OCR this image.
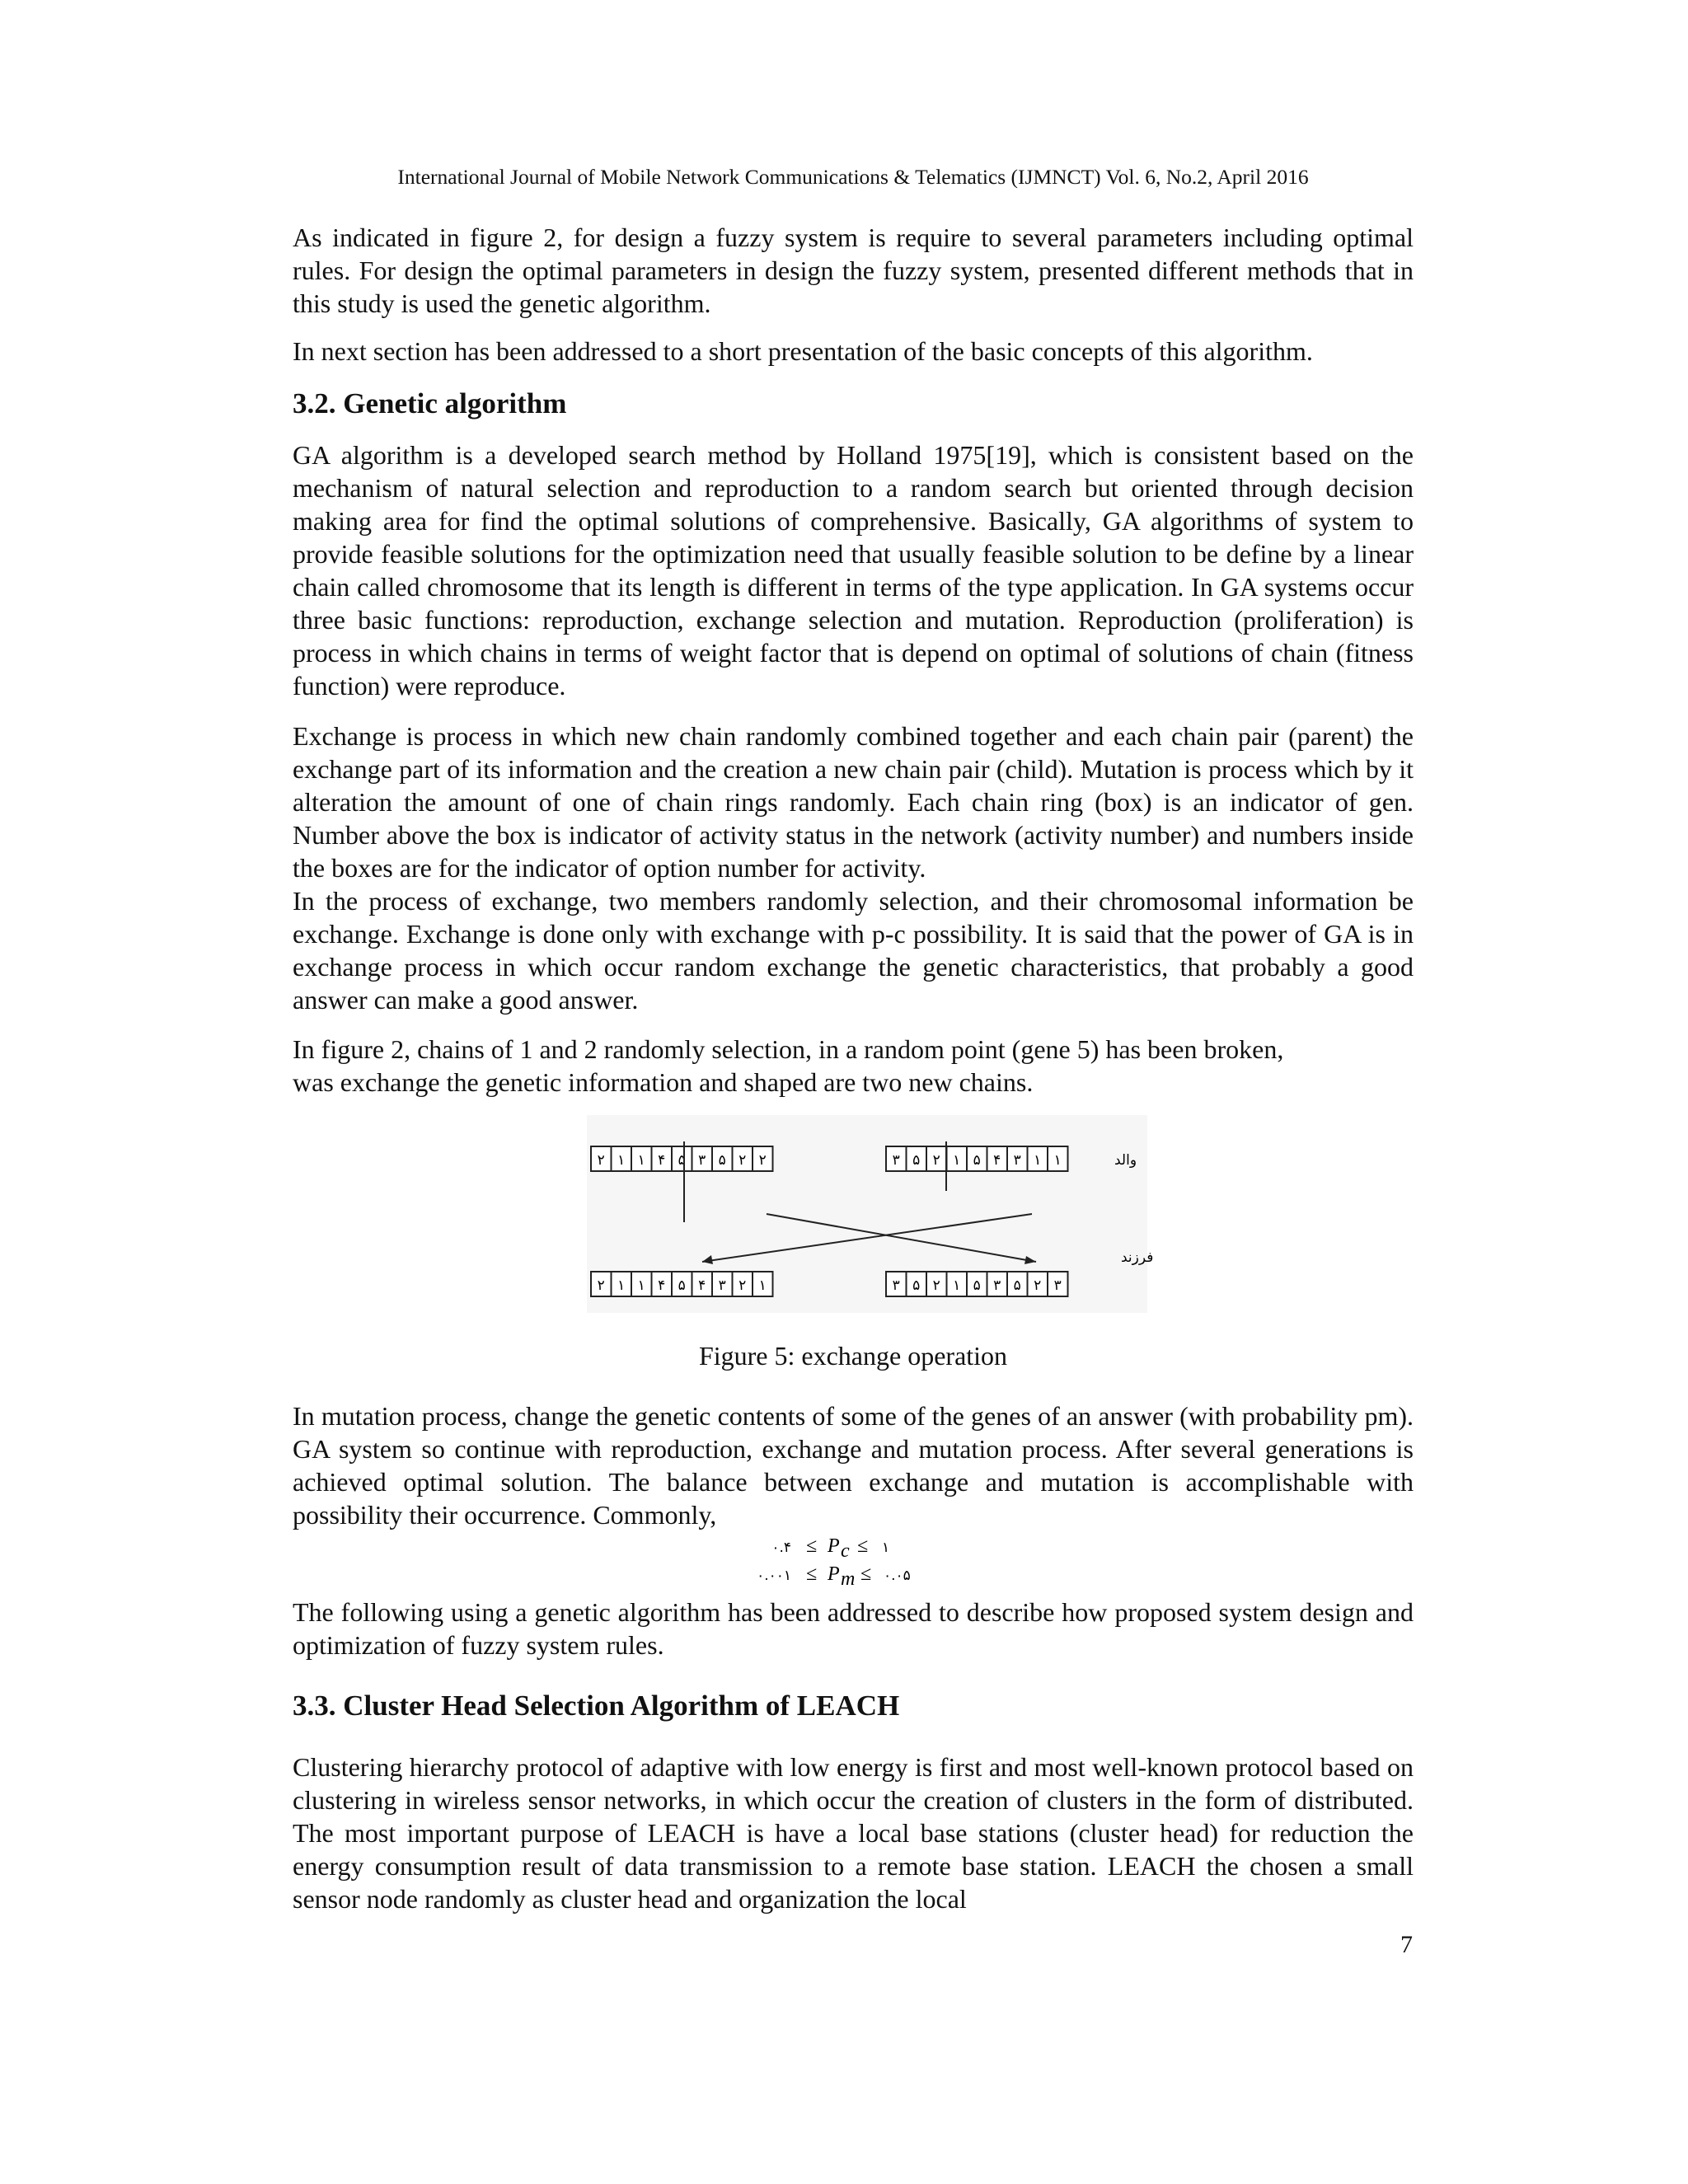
International Journal of Mobile Network Communications & Telematics (IJMNCT) Vol. 6, No.2, April 2016

As indicated in figure 2, for design a fuzzy system is require to several parameters including optimal rules. For design the optimal parameters in design the fuzzy system, presented different methods that in this study is used the genetic algorithm.

In next section has been addressed to a short presentation of the basic concepts of this algorithm.

3.2. Genetic algorithm

GA algorithm is a developed search method by Holland 1975[19], which is consistent based on the mechanism of natural selection and reproduction to a random search but oriented through decision making area for find the optimal solutions of comprehensive. Basically, GA algorithms of system to provide feasible solutions for the optimization need that usually feasible solution to be define by a linear chain called chromosome that its length is different in terms of the type application. In GA systems occur three basic functions: reproduction, exchange selection and mutation. Reproduction (proliferation) is process in which chains in terms of weight factor that is depend on optimal of solutions of chain (fitness function) were reproduce.

Exchange is process in which new chain randomly combined together and each chain pair (parent) the exchange part of its information and the creation a new chain pair (child). Mutation is process which by it alteration the amount of one of chain rings randomly. Each chain ring (box) is an indicator of gen. Number above the box is indicator of activity status in the network (activity number) and numbers inside the boxes are for the indicator of option number for activity.

In the process of exchange, two members randomly selection, and their chromosomal information be exchange. Exchange is done only with exchange with p-c possibility. It is said that the power of GA is in exchange process in which occur random exchange the genetic characteristics, that probably a good answer can make a good answer.

In figure 2, chains of 1 and 2 randomly selection, in a random point (gene 5) has been broken,

was exchange the genetic information and shaped are two new chains.

۲ ۱ ۱ ۴ ۵ ۳ ۵ ۲ ۲	۳ ۵ ۲ ۱ ۵ ۴ ۳ ۱ ۱
۲ ۱ ۱ ۴ ۵ ۴ ۳ ۲ ۱	۳ ۵ ۲ ۱ ۵ ۳ ۵ ۲ ۳
والد
فرزند
Figure 5: exchange operation

In mutation process, change the genetic contents of some of the genes of an answer (with probability pm). GA system so continue with reproduction, exchange and mutation process. After several generations is achieved optimal solution. The balance between exchange and mutation is accomplishable with possibility their occurrence. Commonly,

۰.۴ ≤ P c ≤ ۱
۰.۰۰۱ ≤ P m ≤ ۰.۰۵

The following using a genetic algorithm has been addressed to describe how proposed system design and optimization of fuzzy system rules.

3.3. Cluster Head Selection Algorithm of LEACH

Clustering hierarchy protocol of adaptive with low energy is first and most well-known protocol based on clustering in wireless sensor networks, in which occur the creation of clusters in the form of distributed. The most important purpose of LEACH is have a local base stations (cluster head) for reduction the energy consumption result of data transmission to a remote base station. LEACH the chosen a small sensor node randomly as cluster head and organization the local

7
